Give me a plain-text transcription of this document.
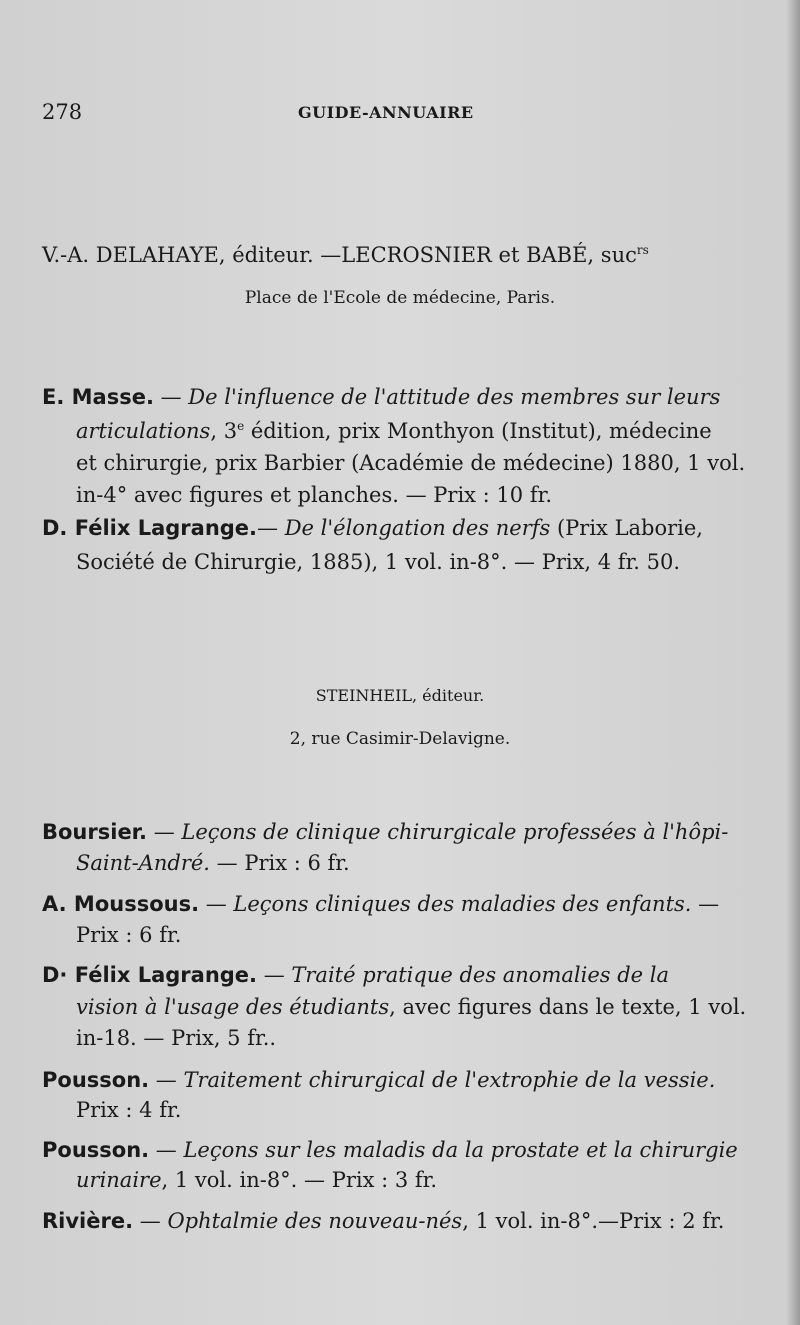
278	GUIDE-ANNUAIRE
V.-A. DELAHAYE, éditeur. —LECROSNIER et BABÉ, suc$^{rs}$
Place de l'Ecole de médecine, Paris.
E. Masse. — De l'influence de l'attitude des membres sur leurs
articulations, 3e édition, prix Monthyon (Institut), médecine
et chirurgie, prix Barbier (Académie de médecine) 1880, 1 vol.
in-4° avec figures et planches. — Prix : 10 fr.
D. Félix Lagrange.— De l'élongation des nerfs (Prix Laborie,
Société de Chirurgie, 1885), 1 vol. in-8°. — Prix, 4 fr. 50.
STEINHEIL, éditeur.
2, rue Casimir-Delavigne.
Boursier. — Leçons de clinique chirurgicale professées à l'hôpi-
Saint-André. — Prix : 6 fr.
A. Moussous. — Leçons cliniques des maladies des enfants. —
Prix : 6 fr.
D· Félix Lagrange. — Traité pratique des anomalies de la
vision à l'usage des étudiants, avec figures dans le texte, 1 vol.
in-18. — Prix, 5 fr..
Pousson. — Traitement chirurgical de l'extrophie de la vessie.
Prix : 4 fr.
Pousson. — Leçons sur les maladis da la prostate et la chirurgie
urinaire, 1 vol. in-8°. — Prix : 3 fr.
Rivière. — Ophtalmie des nouveau-nés, 1 vol. in-8°.—Prix : 2 fr.
